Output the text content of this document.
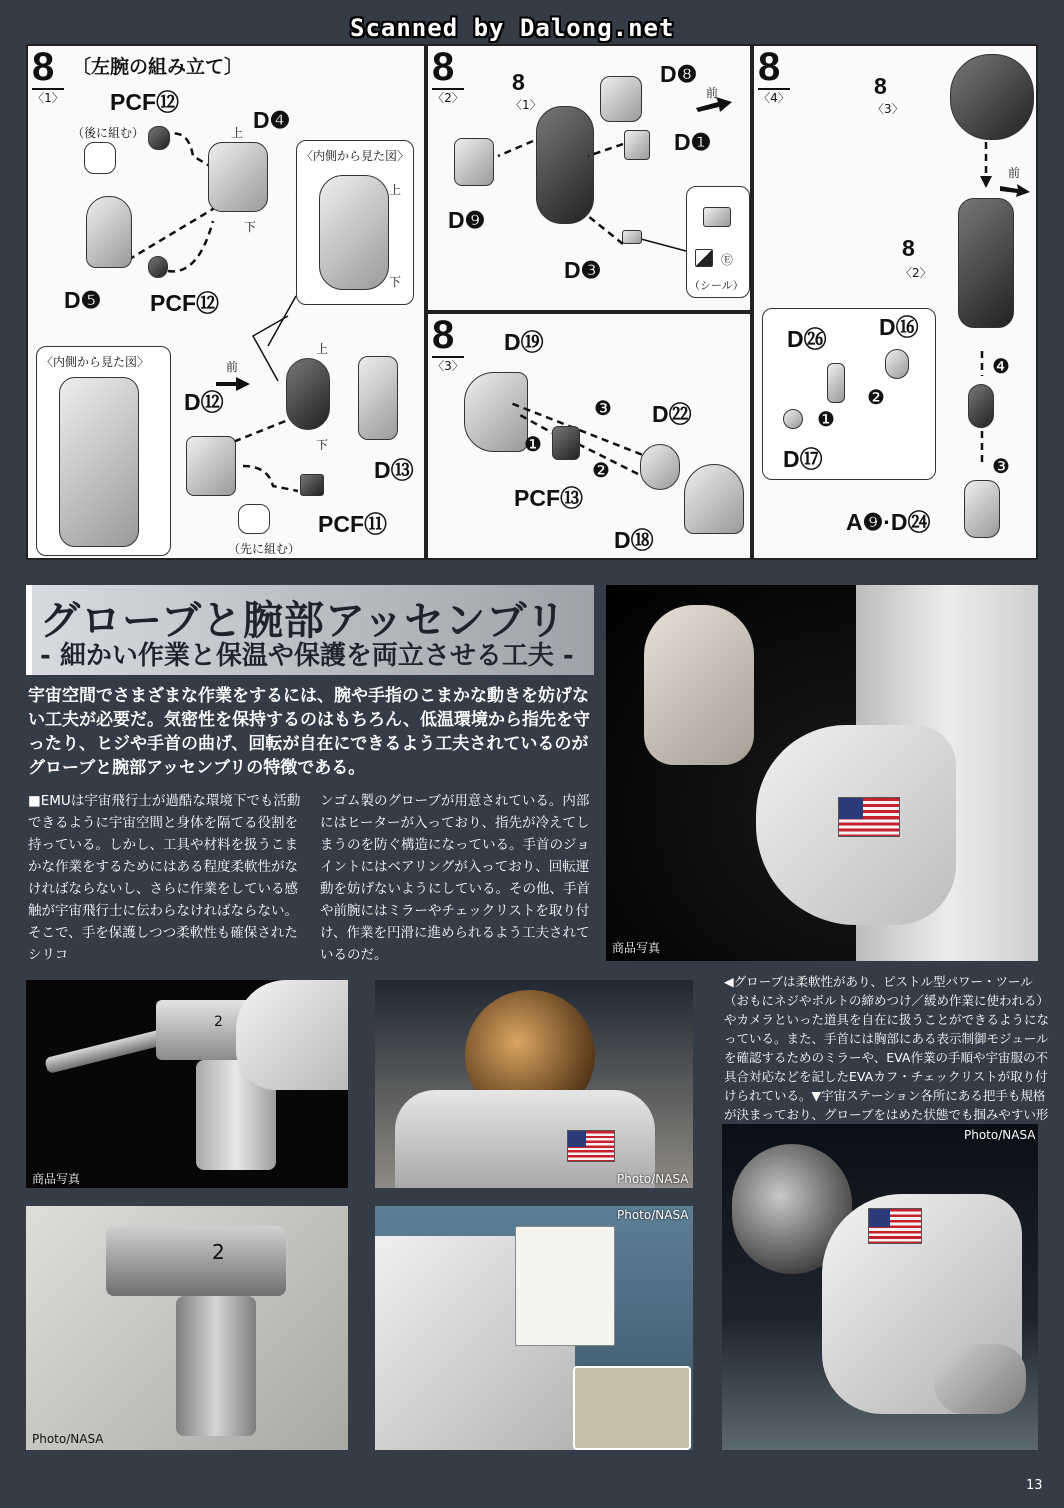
Scanned by Dalong.net
8
〈1〉
〔左腕の組み立て〕
PCF⑫
（後に組む）	D❹
上
下
〈内側から見た図〉
上
下
D❺ PCF⑫
〈内側から見た図〉	前
D⑫
上
下
D⑬
PCF⑪
（先に組む）
8
〈2〉
8
〈1〉
D❽
前
D❶
D❾
D❸	Ⓔ
（シール）
8
〈3〉
D⑲
❸
❶
❷
D㉒
PCF⑬
D⑱
8
〈4〉	8
〈3〉
前
8
〈2〉
D㉖ D⑯
❷
❶
D⑰
❹
❸
A❾·D㉔
グローブと腕部アッセンブリ
- 細かい作業と保温や保護を両立させる工夫 -
宇宙空間でさまざまな作業をするには、腕や手指のこまかな動きを妨げない工夫が必要だ。気密性を保持するのはもちろん、低温環境から指先を守ったり、ヒジや手首の曲げ、回転が自在にできるよう工夫されているのがグローブと腕部アッセンブリの特徴である。
■EMUは宇宙飛行士が過酷な環境下でも活動できるように宇宙空間と身体を隔てる役割を持っている。しかし、工具や材料を扱うこまかな作業をするためにはある程度柔軟性がなければならないし、さらに作業をしている感触が宇宙飛行士に伝わらなければならない。そこで、手を保護しつつ柔軟性も確保されたシリコ
ンゴム製のグローブが用意されている。内部にはヒーターが入っており、指先が冷えてしまうのを防ぐ構造になっている。手首のジョイントにはベアリングが入っており、回転運動を妨げないようにしている。その他、手首や前腕にはミラーやチェックリストを取り付け、作業を円滑に進められるよう工夫されているのだ。	商品写真
◀グローブは柔軟性があり、ピストル型パワー・ツール（おもにネジやボルトの締めつけ／緩め作業に使われる）やカメラといった道具を自在に扱うことができるようになっている。また、手首には胸部にある表示制御モジュールを確認するためのミラーや、EVA作業の手順や宇宙服の不具合対応などを記したEVAカフ・チェックリストが取り付けられている。▼宇宙ステーション各所にある把手も規格が決まっており、グローブをはめた状態でも掴みやすい形
2
商品写真	Photo/NASA
2
Photo/NASA
Photo/NASA
Photo/NASA
13
